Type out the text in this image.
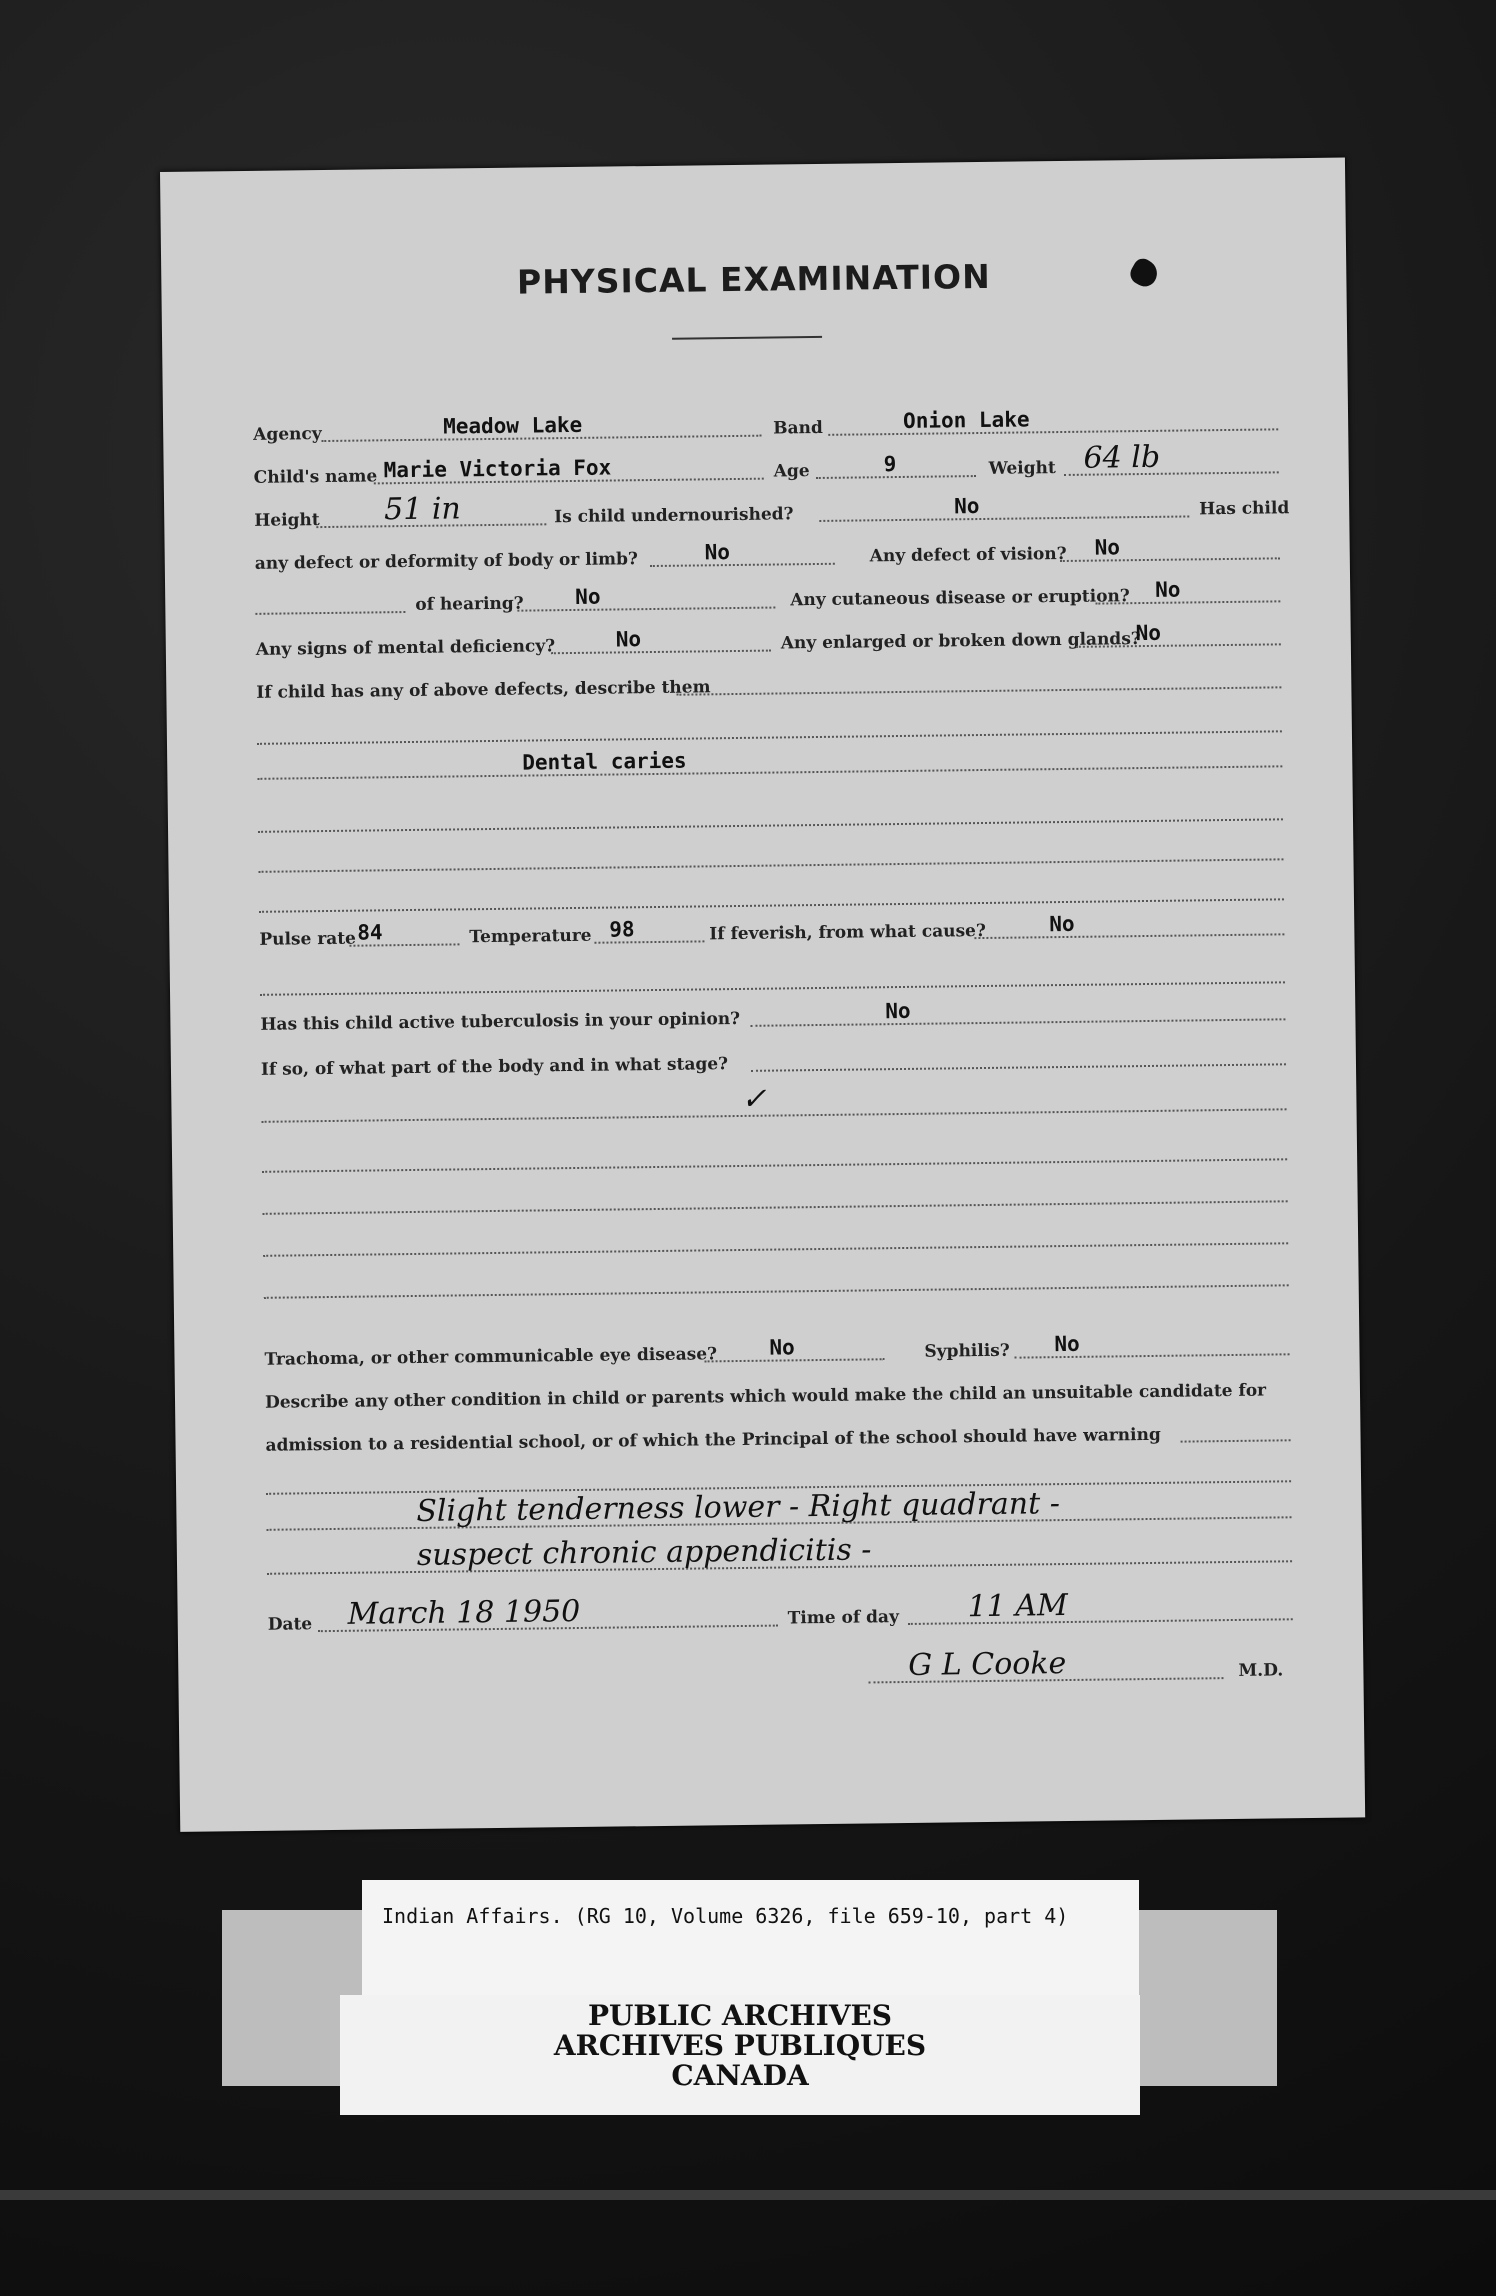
PHYSICAL EXAMINATION
Agency	Meadow Lake	Band	Onion Lake
Child's name Marie Victoria Fox	Age	9	Weight 64 lb
Height 51 in	Is child undernourished?	No	Has child
any defect or deformity of body or limb?	No	Any defect of vision? No
of hearing? No	Any cutaneous disease or eruption? No
Any signs of mental deficiency?	No	Any enlarged or broken down glands?
No
If child has any of above defects, describe them
Dental caries
Pulse rate 84	Temperature 98	If feverish, from what cause?	No
Has this child active tuberculosis in your opinion?	No
If so, of what part of the body and in what stage?
✓
Trachoma, or other communicable eye disease? No	Syphilis? No
Describe any other condition in child or parents which would make the child an unsuitable candidate for
admission to a residential school, or of which the Principal of the school should have warning
Slight tenderness lower - Right quadrant -
suspect chronic appendicitis -
Date March 18 1950	Time of day 11 AM
G L Cooke	M.D.
Indian Affairs. (RG 10, Volume 6326, file 659-10, part 4)
PUBLIC ARCHIVES
ARCHIVES PUBLIQUES
CANADA
